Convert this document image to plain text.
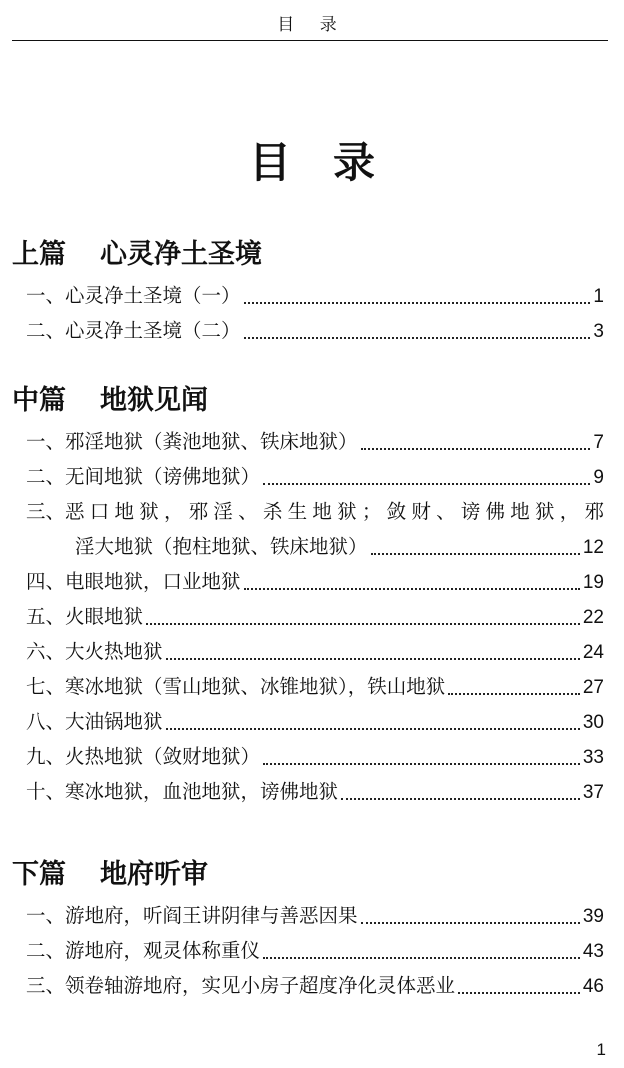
目 录
目录
上篇 心灵净土圣境
一、 心灵净土圣境（一）	1
二、 心灵净土圣境（二）	3
中篇 地狱见闻
一、 邪淫地狱（粪池地狱、铁床地狱）	7
二、 无间地狱（谤佛地狱）	9
三、 恶口地狱，邪淫、杀生地狱；敛财、谤佛地狱，邪
淫大地狱（抱柱地狱、铁床地狱）	12
四、 电眼地狱，口业地狱	19
五、 火眼地狱	22
六、 大火热地狱	24
七、 寒冰地狱（雪山地狱、冰锥地狱），铁山地狱	27
八、 大油锅地狱	30
九、 火热地狱（敛财地狱）	33
十、 寒冰地狱，血池地狱，谤佛地狱	37
下篇 地府听审
一、 游地府，听阎王讲阴律与善恶因果	39
二、 游地府，观灵体称重仪	43
三、 领卷轴游地府，实见小房子超度净化灵体恶业	46
1
